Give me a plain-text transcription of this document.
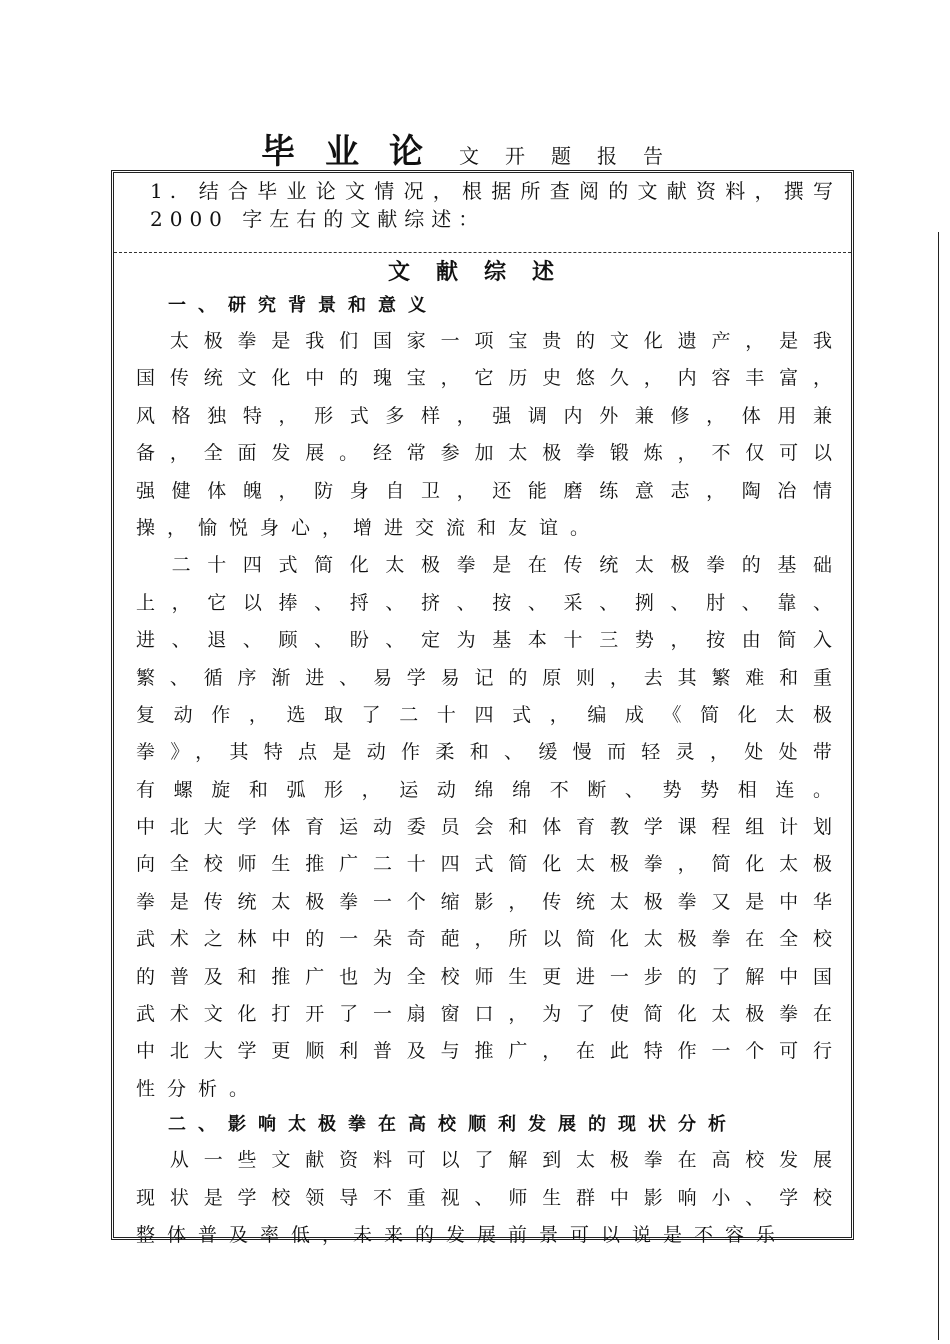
毕业论 文开题报告
1. 结合毕业论文情况，根据所查阅的文献资料，撰写 2000 字左右的文献综述：
文献综述
一、研究背景和意义
　太极拳是我们国家一项宝贵的文化遗产，是我
国传统文化中的瑰宝，它历史悠久，内容丰富，
风格独特，形式多样，强调内外兼修，体用兼
备，全面发展。经常参加太极拳锻炼，不仅可以
强健体魄，防身自卫，还能磨练意志，陶冶情
操，愉悦身心，增进交流和友谊。
　二十四式简化太极拳是在传统太极拳的基础
上，它以捧、捋、挤、按、采、挒、肘、靠、
进、退、顾、盼、定为基本十三势，按由简入
繁、循序渐进、易学易记的原则，去其繁难和重
复动作，选取了二十四式，编成《简化太极
拳》，其特点是动作柔和、缓慢而轻灵，处处带
有螺旋和弧形，运动绵绵不断、势势相连。
中北大学体育运动委员会和体育教学课程组计划
向全校师生推广二十四式简化太极拳，简化太极
拳是传统太极拳一个缩影，传统太极拳又是中华
武术之林中的一朵奇葩，所以简化太极拳在全校
的普及和推广也为全校师生更进一步的了解中国
武术文化打开了一扇窗口，为了使简化太极拳在
中北大学更顺利普及与推广，在此特作一个可行
性分析。
二、影响太极拳在高校顺利发展的现状分析
　从一些文献资料可以了解到太极拳在高校发展
现状是学校领导不重视、师生群中影响小、学校
整体普及率低，未来的发展前景可以说是不容乐
